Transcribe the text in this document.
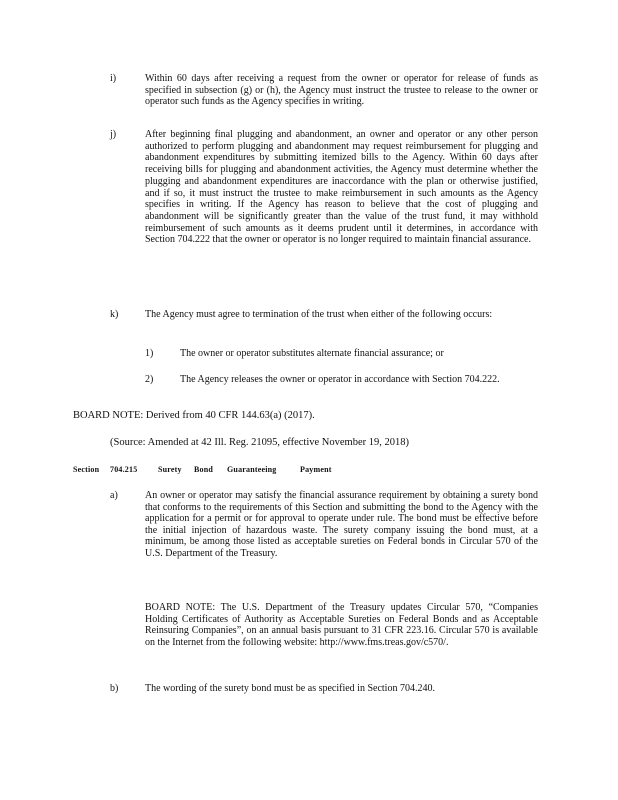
i)	Within 60 days after receiving a request from the owner or operator for release of funds as specified in subsection (g) or (h), the Agency must instruct the trustee to release to the owner or operator such funds as the Agency specifies in writing.
j)	After beginning final plugging and abandonment, an owner and operator or any other person authorized to perform plugging and abandonment may request reimbursement for plugging and abandonment expenditures by submitting itemized bills to the Agency. Within 60 days after receiving bills for plugging and abandonment activities, the Agency must determine whether the plugging and abandonment expenditures are inaccordance with the plan or otherwise justified, and if so, it must instruct the trustee to make reimbursement in such amounts as the Agency specifies in writing. If the Agency has reason to believe that the cost of plugging and abandonment will be significantly greater than the value of the trust fund, it may withhold reimbursement of such amounts as it deems prudent until it determines, in accordance with Section 704.222 that the owner or operator is no longer required to maintain financial assurance.
k)	The Agency must agree to termination of the trust when either of the following occurs:
1)	The owner or operator substitutes alternate financial assurance; or
2)	The Agency releases the owner or operator in accordance with Section 704.222.
BOARD NOTE: Derived from 40 CFR 144.63(a) (2017).
(Source: Amended at 42 Ill. Reg. 21095, effective November 19, 2018)
Section 704.215	Surety Bond Guaranteeing	Payment
a)	An owner or operator may satisfy the financial assurance requirement by obtaining a surety bond that conforms to the requirements of this Section and submitting the bond to the Agency with the application for a permit or for approval to operate under rule. The bond must be effective before the initial injection of hazardous waste. The surety company issuing the bond must, at a minimum, be among those listed as acceptable sureties on Federal bonds in Circular 570 of the U.S. Department of the Treasury.
BOARD NOTE: The U.S. Department of the Treasury updates Circular 570, “Companies Holding Certificates of Authority as Acceptable Sureties on Federal Bonds and as Acceptable Reinsuring Companies”, on an annual basis pursuant to 31 CFR 223.16. Circular 570 is available on the Internet from the following website: http://www.fms.treas.gov/c570/.
b)	The wording of the surety bond must be as specified in Section 704.240.
